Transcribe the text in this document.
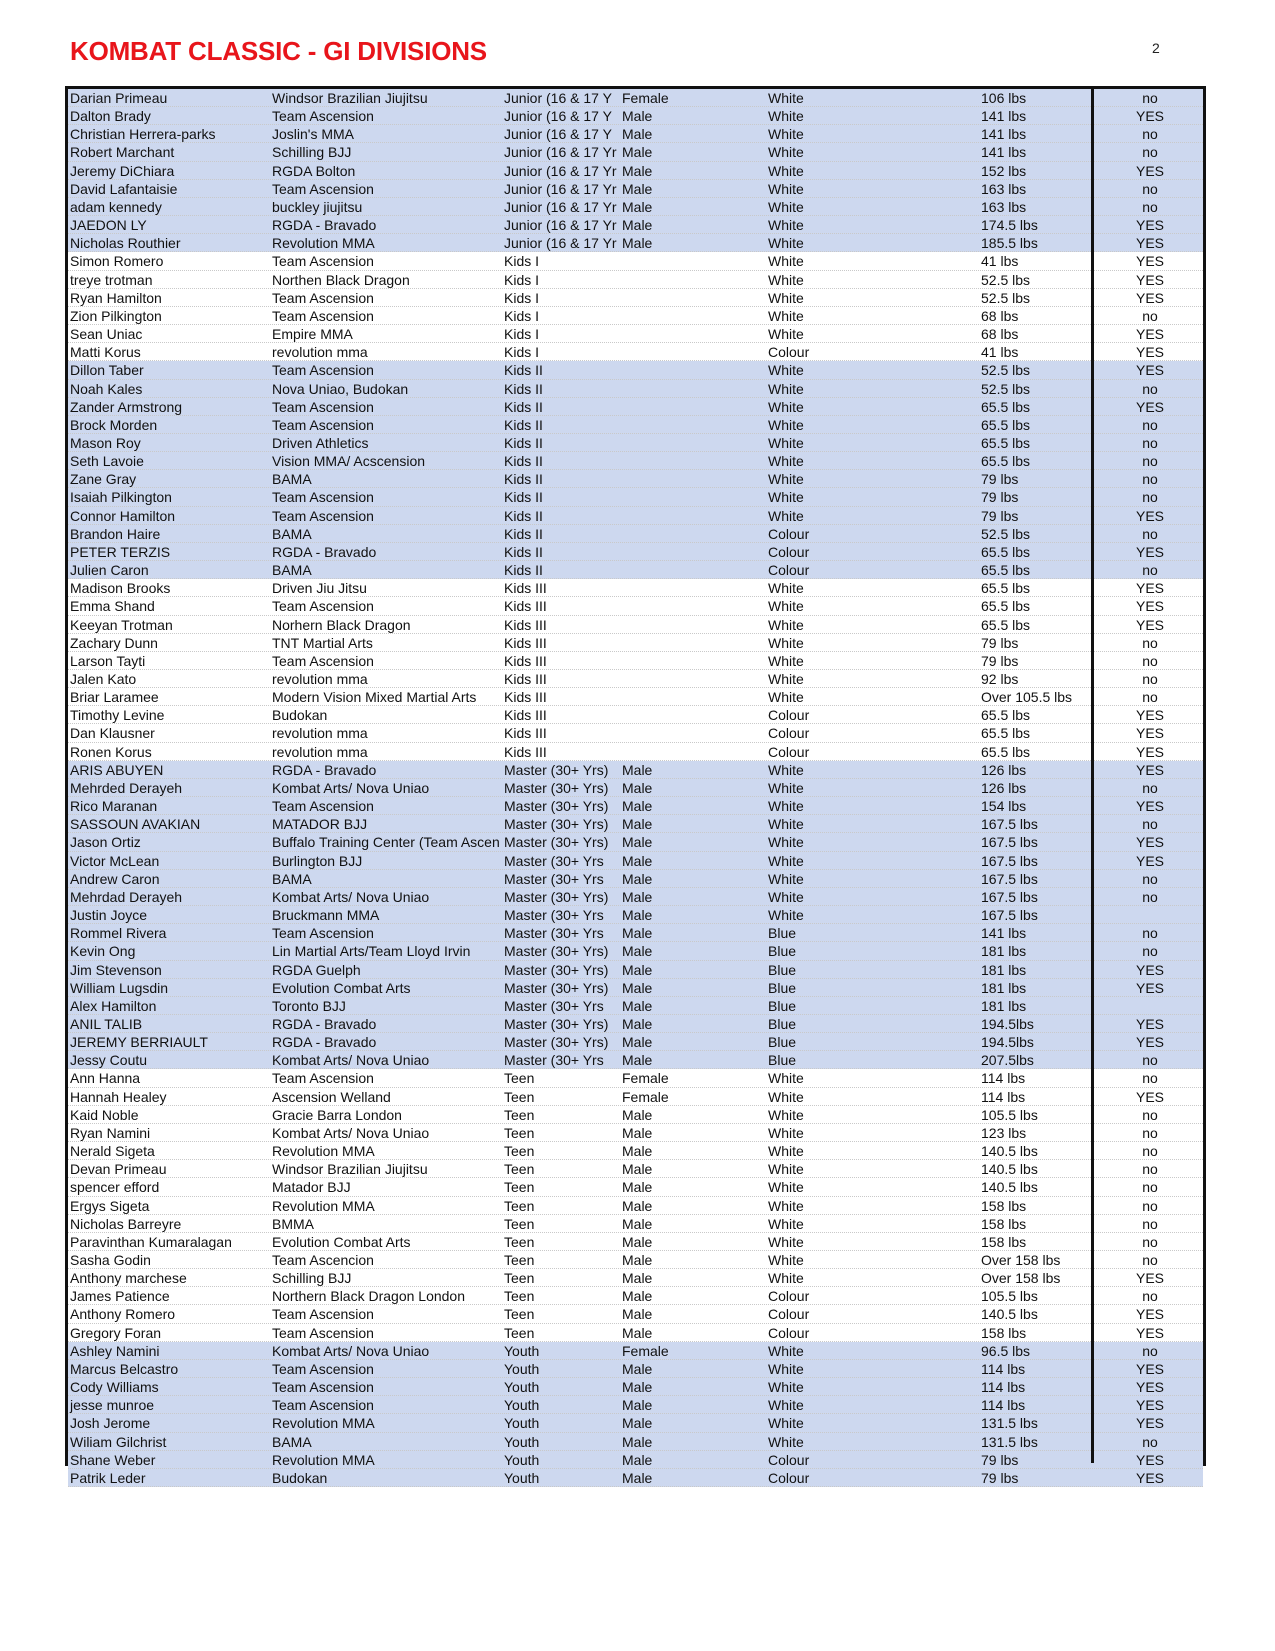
KOMBAT CLASSIC - GI DIVISIONS	2
Darian Primeau	Windsor Brazilian Jiujitsu	Junior (16 & 17 Y Female	White	106 lbs	no
Dalton Brady	Team Ascension	Junior (16 & 17 Y Male	White	141 lbs	YES
Christian Herrera-parks	Joslin's MMA	Junior (16 & 17 Y Male	White	141 lbs	no
Robert Marchant	Schilling BJJ	Junior (16 & 17 Yr Male	White	141 lbs	no
Jeremy DiChiara	RGDA Bolton	Junior (16 & 17 Yr Male	White	152 lbs	YES
David Lafantaisie	Team Ascension	Junior (16 & 17 Yr Male	White	163 lbs	no
adam kennedy	buckley jiujitsu	Junior (16 & 17 Yr Male	White	163 lbs	no
JAEDON LY	RGDA - Bravado	Junior (16 & 17 Yr Male	White	174.5 lbs	YES
Nicholas Routhier	Revolution MMA	Junior (16 & 17 Yr Male	White	185.5 lbs	YES
Simon Romero	Team Ascension	Kids I	White	41 lbs	YES
treye trotman	Northen Black Dragon	Kids I	White	52.5 lbs	YES
Ryan Hamilton	Team Ascension	Kids I	White	52.5 lbs	YES
Zion Pilkington	Team Ascension	Kids I	White	68 lbs	no
Sean Uniac	Empire MMA	Kids I	White	68 lbs	YES
Matti Korus	revolution mma	Kids I	Colour	41 lbs	YES
Dillon Taber	Team Ascension	Kids II	White	52.5 lbs	YES
Noah Kales	Nova Uniao, Budokan	Kids II	White	52.5 lbs	no
Zander Armstrong	Team Ascension	Kids II	White	65.5 lbs	YES
Brock Morden	Team Ascension	Kids II	White	65.5 lbs	no
Mason Roy	Driven Athletics	Kids II	White	65.5 lbs	no
Seth Lavoie	Vision MMA/ Acscension	Kids II	White	65.5 lbs	no
Zane Gray	BAMA	Kids II	White	79 lbs	no
Isaiah Pilkington	Team Ascension	Kids II	White	79 lbs	no
Connor Hamilton	Team Ascension	Kids II	White	79 lbs	YES
Brandon Haire	BAMA	Kids II	Colour	52.5 lbs	no
PETER TERZIS	RGDA - Bravado	Kids II	Colour	65.5 lbs	YES
Julien Caron	BAMA	Kids II	Colour	65.5 lbs	no
Madison Brooks	Driven Jiu Jitsu	Kids III	White	65.5 lbs	YES
Emma Shand	Team Ascension	Kids III	White	65.5 lbs	YES
Keeyan Trotman	Norhern Black Dragon	Kids III	White	65.5 lbs	YES
Zachary Dunn	TNT Martial Arts	Kids III	White	79 lbs	no
Larson Tayti	Team Ascension	Kids III	White	79 lbs	no
Jalen Kato	revolution mma	Kids III	White	92 lbs	no
Briar Laramee	Modern Vision Mixed Martial Arts	Kids III	White	Over 105.5 lbs	no
Timothy Levine	Budokan	Kids III	Colour	65.5 lbs	YES
Dan Klausner	revolution mma	Kids III	Colour	65.5 lbs	YES
Ronen Korus	revolution mma	Kids III	Colour	65.5 lbs	YES
ARIS ABUYEN	RGDA - Bravado	Master (30+ Yrs) Male	White	126 lbs	YES
Mehrded Derayeh	Kombat Arts/ Nova Uniao	Master (30+ Yrs) Male	White	126 lbs	no
Rico Maranan	Team Ascension	Master (30+ Yrs) Male	White	154 lbs	YES
SASSOUN AVAKIAN	MATADOR BJJ	Master (30+ Yrs) Male	White	167.5 lbs	no
Jason Ortiz	Buffalo Training Center (Team Ascen Master (30+ Yrs) Male	White	167.5 lbs	YES
Victor McLean	Burlington BJJ	Master (30+ Yrs	Male	White	167.5 lbs	YES
Andrew Caron	BAMA	Master (30+ Yrs	Male	White	167.5 lbs	no
Mehrdad Derayeh	Kombat Arts/ Nova Uniao	Master (30+ Yrs) Male	White	167.5 lbs	no
Justin Joyce	Bruckmann MMA	Master (30+ Yrs	Male	White	167.5 lbs
Rommel Rivera	Team Ascension	Master (30+ Yrs	Male	Blue	141 lbs	no
Kevin Ong	Lin Martial Arts/Team Lloyd Irvin	Master (30+ Yrs) Male	Blue	181 lbs	no
Jim Stevenson	RGDA Guelph	Master (30+ Yrs) Male	Blue	181 lbs	YES
William Lugsdin	Evolution Combat Arts	Master (30+ Yrs) Male	Blue	181 lbs	YES
Alex Hamilton	Toronto BJJ	Master (30+ Yrs	Male	Blue	181 lbs
ANIL TALIB	RGDA - Bravado	Master (30+ Yrs) Male	Blue	194.5lbs	YES
JEREMY BERRIAULT	RGDA - Bravado	Master (30+ Yrs) Male	Blue	194.5lbs	YES
Jessy Coutu	Kombat Arts/ Nova Uniao	Master (30+ Yrs	Male	Blue	207.5lbs	no
Ann Hanna	Team Ascension	Teen	Female	White	114 lbs	no
Hannah Healey	Ascension Welland	Teen	Female	White	114 lbs	YES
Kaid Noble	Gracie Barra London	Teen	Male	White	105.5 lbs	no
Ryan Namini	Kombat Arts/ Nova Uniao	Teen	Male	White	123 lbs	no
Nerald Sigeta	Revolution MMA	Teen	Male	White	140.5 lbs	no
Devan Primeau	Windsor Brazilian Jiujitsu	Teen	Male	White	140.5 lbs	no
spencer efford	Matador BJJ	Teen	Male	White	140.5 lbs	no
Ergys Sigeta	Revolution MMA	Teen	Male	White	158 lbs	no
Nicholas Barreyre	BMMA	Teen	Male	White	158 lbs	no
Paravinthan Kumaralagan	Evolution Combat Arts	Teen	Male	White	158 lbs	no
Sasha Godin	Team Ascencion	Teen	Male	White	Over 158 lbs	no
Anthony marchese	Schilling BJJ	Teen	Male	White	Over 158 lbs	YES
James Patience	Northern Black Dragon London	Teen	Male	Colour	105.5 lbs	no
Anthony Romero	Team Ascension	Teen	Male	Colour	140.5 lbs	YES
Gregory Foran	Team Ascension	Teen	Male	Colour	158 lbs	YES
Ashley Namini	Kombat Arts/ Nova Uniao	Youth	Female	White	96.5 lbs	no
Marcus Belcastro	Team Ascension	Youth	Male	White	114 lbs	YES
Cody Williams	Team Ascension	Youth	Male	White	114 lbs	YES
jesse munroe	Team Ascension	Youth	Male	White	114 lbs	YES
Josh Jerome	Revolution MMA	Youth	Male	White	131.5 lbs	YES
Wiliam Gilchrist	BAMA	Youth	Male	White	131.5 lbs	no
Shane Weber	Revolution MMA	Youth	Male	Colour	79 lbs	YES
Patrik Leder	Budokan	Youth	Male	Colour	79 lbs	YES
